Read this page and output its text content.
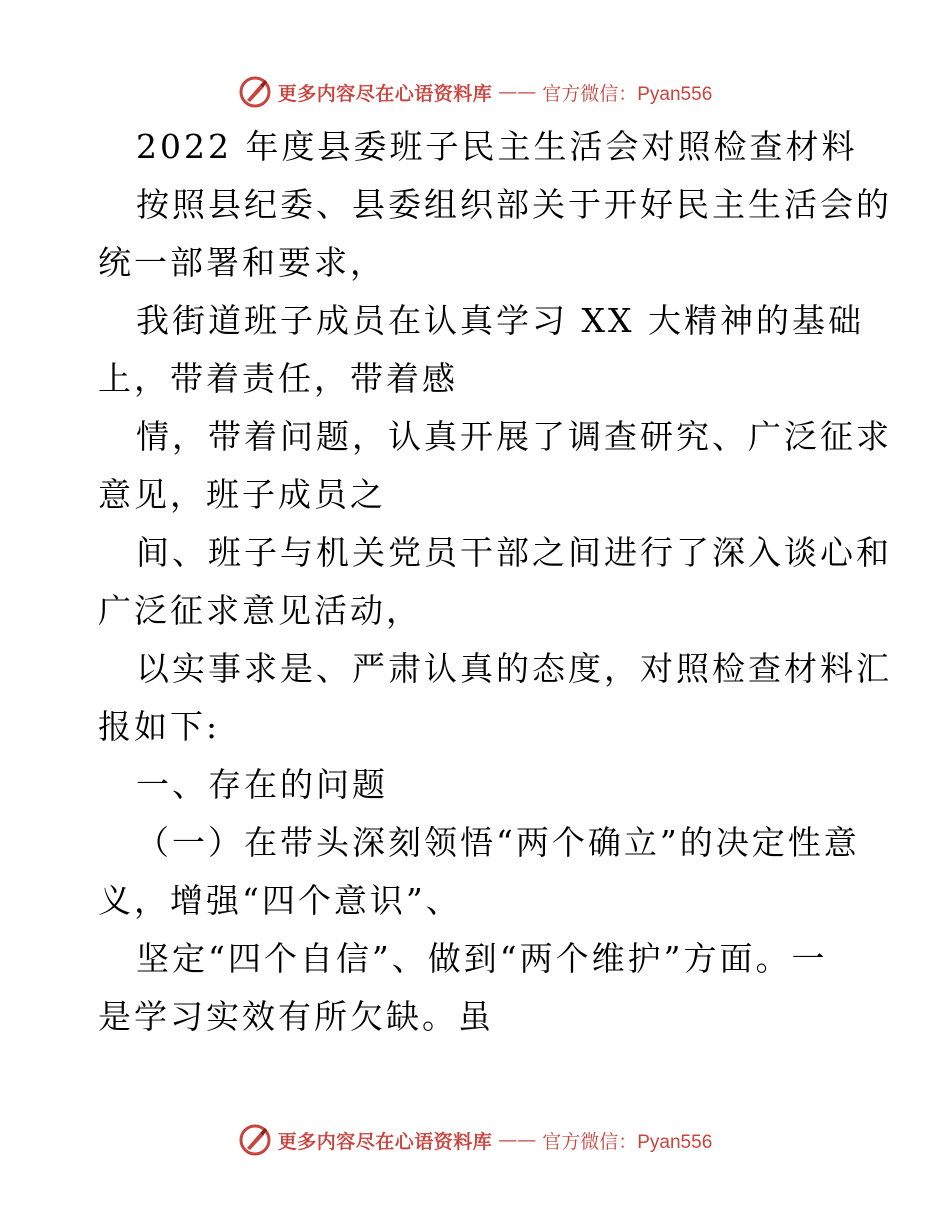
更多内容尽在心语资料库 —— 官方微信：Pyan556
2022 年度县委班子民主生活会对照检查材料
按照县纪委、县委组织部关于开好民主生活会的
统一部署和要求，
我街道班子成员在认真学习 XX 大精神的基础
上，带着责任，带着感
情，带着问题，认真开展了调查研究、广泛征求
意见，班子成员之
间、班子与机关党员干部之间进行了深入谈心和
广泛征求意见活动，
以实事求是、严肃认真的态度，对照检查材料汇
报如下:
一、存在的问题
（一）在带头深刻领悟“两个确立”的决定性意
义，增强“四个意识”、
坚定“四个自信”、做到“两个维护”方面。一
是学习实效有所欠缺。虽
更多内容尽在心语资料库 —— 官方微信：Pyan556
